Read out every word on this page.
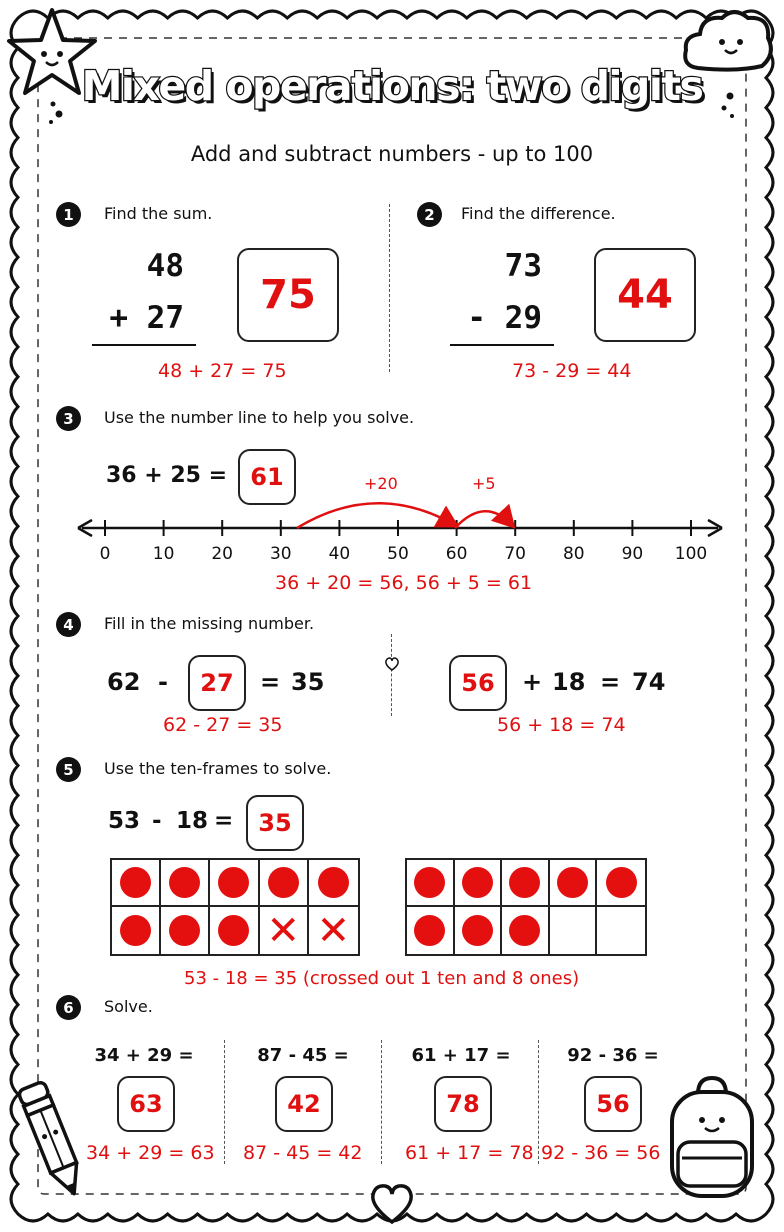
Mixed operations: two digits
Add and subtract numbers - up to 100
1	Find the sum.
48
+ 27	75
48 + 27 = 75
2	Find the difference.
73
- 29	44
73 - 29 = 44
3	Use the number line to help you solve.
36 + 25 = 61	+20	+5
0	10	20	30	40	50	60	70	80	90	100
36 + 20 = 56, 56 + 5 = 61
4	Fill in the missing number.
62 -	27	= 35
62 - 27 = 35
56	+ 18 = 74
56 + 18 = 74
5	Use the ten-frames to solve.
53 - 18 =	35
✕ ✕
53 - 18 = 35 (crossed out 1 ten and 8 ones)
6	Solve.
34 + 29 =
63
34 + 29 = 63
87 - 45 =
42
87 - 45 = 42
61 + 17 =
78
61 + 17 = 78
92 - 36 =
56
92 - 36 = 56
